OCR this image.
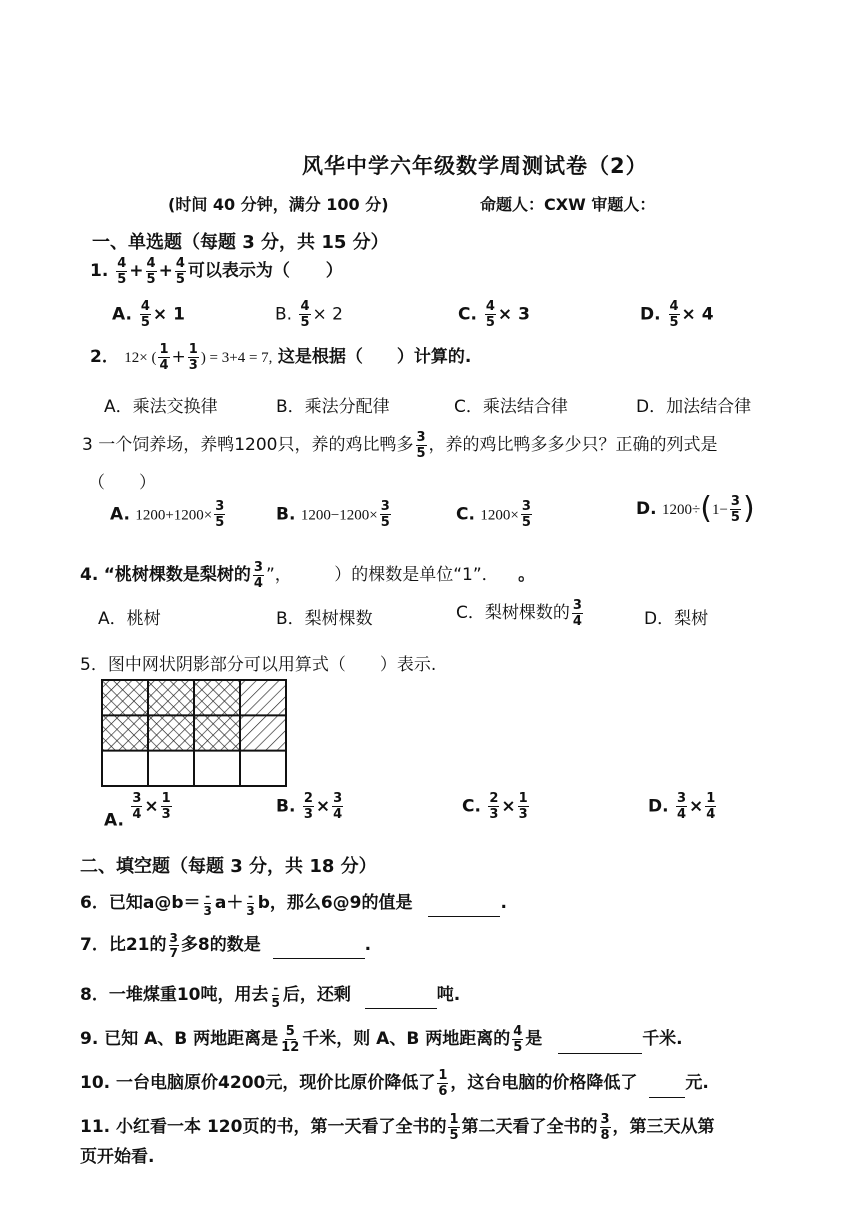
风华中学六年级数学周测试卷（2）
(时间 40 分钟，满分 100 分)	命题人：CXW 审题人：
一、单选题（每题 3 分，共 15 分）
1. $\frac{4}{5} + \frac{4}{5} + \frac{4}{5}$ 可以表示为（ ）
A. $\frac{4}{5} \times 1$	B. $\frac{4}{5} \times 2$	C. $\frac{4}{5} \times 3$	D. $\frac{4}{5} \times 4$
2． 12× ( $\frac{1}{4} + \frac{1}{3}$ ) = 3+4 = 7, 这是根据（　　）计算的.
A．乘法交换律	B．乘法分配律	C．乘法结合律	D．加法结合律
3 一个饲养场，养鸭1200只，养的鸡比鸭多 $\frac{3}{5}$ ，养的鸡比鸭多多少只？正确的列式是
（　　）
A. $1200+1200\times \frac{3}{5}$	B. $1200-1200\times \frac{3}{5}$	C. $1200\times \frac{3}{5}$	D. $1200\div(1- \frac{3}{5}$ )
4. “桃树棵数是梨树的 $\frac{3}{4}$ ”，　　　）的棵数是单位“1”． 。
A．桃树	B．梨树棵数	C．梨树棵数的 $\frac{3}{4}$	D．梨树
5．图中网状阴影部分可以用算式（　　）表示.
A. $\frac{3}{4} \times \frac{1}{3}$	B. $\frac{2}{3} \times \frac{3}{4}$	C. $\frac{2}{3} \times \frac{1}{3}$	D. $\frac{3}{4} \times \frac{1}{4}$
二、填空题（每题 3 分，共 18 分）
6．已知a@b＝ -
3 a＋ -
3 b，那么6@9的值是	.
7．比21的 $\frac{3}{7}$ 多8的数是	.
8．一堆煤重10吨，用去 -
5 后，还剩	吨.
9. 已知 A、B 两地距离是 $\frac{5}{12}$ 千米，则 A、B 两地距离的 $\frac{4}{5}$ 是	千米.
10. 一台电脑原价4200元，现价比原价降低了 $\frac{1}{6}$ ，这台电脑的价格降低了	元.
11. 小红看一本 120页的书，第一天看了全书的 $\frac{1}{5}$ 第二天看了全书的 $\frac{3}{8}$ ，第三天从第
页开始看.
